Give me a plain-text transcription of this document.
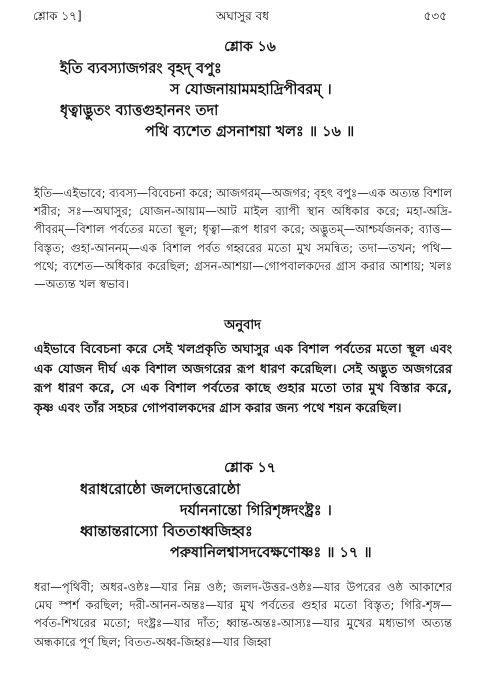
শ্লোক ১৭]	অঘাসুর বধ	৫৩৫
শ্লোক ১৬
ইতি ব্যবস্যাজগরং বৃহদ্ বপুঃ
স যোজনায়ামমহাদ্রিপীবরম্ ।
ধৃত্বাদ্ভুতং ব্যাত্তগুহাননং তদা
পথি ব্যশেত গ্রসনাশয়া খলঃ ॥ ১৬ ॥
ইতি—এইভাবে; ব্যবস্য—বিবেচনা করে; আজগরম্—অজগর; বৃহৎ বপুঃ—এক অত্যন্ত বিশাল শরীর; সঃ—অঘাসুর; যোজন-আয়াম—আট মাইল ব্যাপী স্থান অধিকার করে; মহা-অদ্রি-পীবরম্—বিশাল পর্বতের মতো স্থূল; ধৃত্বা—রূপ ধারণ করে; অদ্ভুতম্—আশ্চর্যজনক; ব্যাত্ত—বিস্তৃত; গুহা-আননম্—এক বিশাল পর্বত গহ্বরের মতো মুখ সমন্বিত; তদা—তখন; পথি—পথে; ব্যশেত—অধিকার করেছিল; গ্রসন-আশয়া—গোপবালকদের গ্রাস করার আশায়; খলঃ—অত্যন্ত খল স্বভাব।
অনুবাদ
এইভাবে বিবেচনা করে সেই খলপ্রকৃতি অঘাসুর এক বিশাল পর্বতের মতো স্থূল এবং এক যোজন দীর্ঘ এক বিশাল অজগরের রূপ ধারণ করেছিল। সেই অদ্ভুত অজগরের রূপ ধারণ করে, সে এক বিশাল পর্বতের কাছে গুহার মতো তার মুখ বিস্তার করে, কৃষ্ণ এবং তাঁর সহচর গোপবালকদের গ্রাস করার জন্য পথে শয়ন করেছিল।
শ্লোক ১৭
ধরাধরোষ্ঠো জলদোত্তরোষ্ঠো
দর্যাননান্তো গিরিশৃঙ্গদংষ্ট্রঃ ।
ধ্বান্তান্তরাস্যো বিততাধ্বজিহ্বঃ
পরুষানিলশ্বাসদবেক্ষণোষ্ণঃ ॥ ১৭ ॥
ধরা—পৃথিবী; অধর-ওষ্ঠঃ—যার নিম্ন ওষ্ঠ; জলদ-উত্তর-ওষ্ঠঃ—যার উপরের ওষ্ঠ আকাশের মেঘ স্পর্শ করছিল; দরী-আনন-অন্তঃ—যার মুখ পর্বতের গুহার মতো বিস্তৃত; গিরি-শৃঙ্গ—পর্বত-শিখরের মতো; দংষ্ট্রঃ—যার দাঁত; ধ্বান্ত-অন্তঃ-আস্যঃ—যার মুখের মধ্যভাগ অত্যন্ত অন্ধকারে পূর্ণ ছিল; বিতত-অধ্ব-জিহ্বঃ—যার জিহ্বা
